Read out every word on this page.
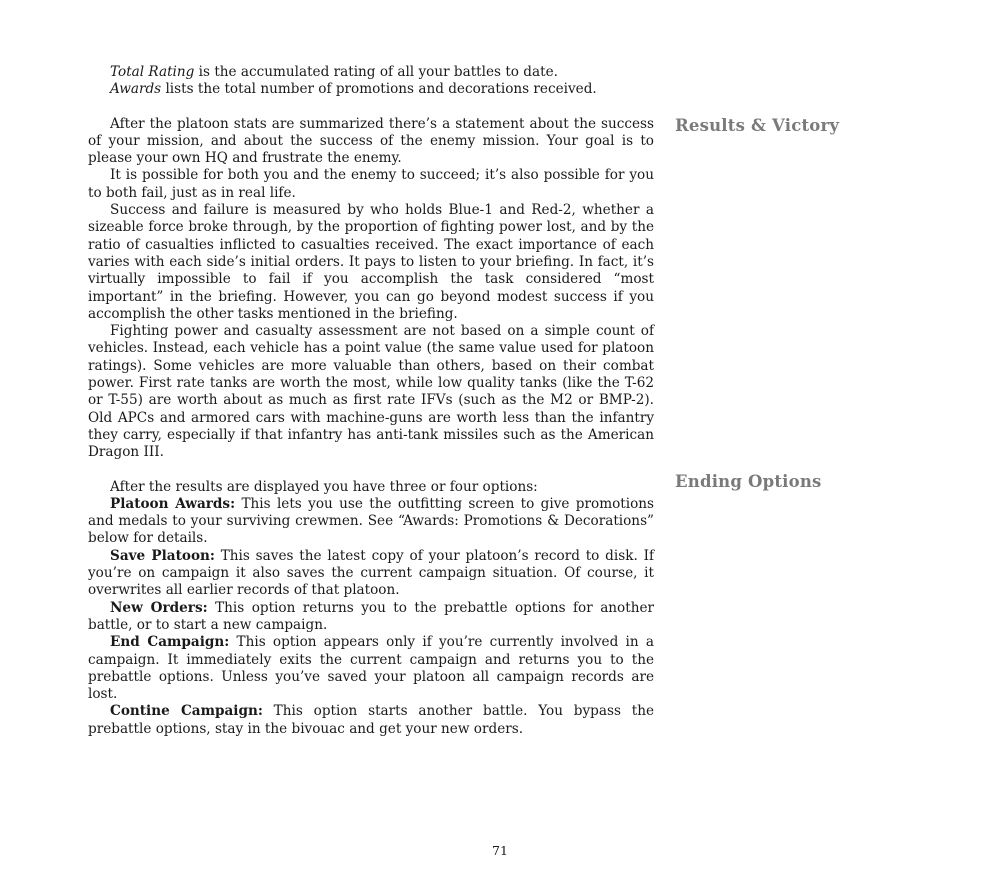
Total Rating is the accumulated rating of all your battles to date.

Awards lists the total number of promotions and decorations received.

After the platoon stats are summarized there’s a statement about the success of your mission, and about the success of the enemy mission. Your goal is to please your own HQ and frustrate the enemy.

It is possible for both you and the enemy to succeed; it’s also possible for you to both fail, just as in real life.

Success and failure is measured by who holds Blue-1 and Red-2, whether a sizeable force broke through, by the proportion of fighting power lost, and by the ratio of casualties inflicted to casualties received. The exact importance of each varies with each side’s initial orders. It pays to listen to your briefing. In fact, it’s virtually impossible to fail if you accomplish the task considered “most important” in the briefing. However, you can go beyond modest success if you accomplish the other tasks mentioned in the briefing.

Fighting power and casualty assessment are not based on a simple count of vehicles. Instead, each vehicle has a point value (the same value used for platoon ratings). Some vehicles are more valuable than others, based on their combat power. First rate tanks are worth the most, while low quality tanks (like the T-62 or T-55) are worth about as much as first rate IFVs (such as the M2 or BMP-2). Old APCs and armored cars with machine-guns are worth less than the infantry they carry, especially if that infantry has anti-tank missiles such as the American Dragon III.

After the results are displayed you have three or four options:

Platoon Awards: This lets you use the outfitting screen to give promotions and medals to your surviving crewmen. See “Awards: Promotions & Decorations” below for details.

Save Platoon: This saves the latest copy of your platoon’s record to disk. If you’re on campaign it also saves the current campaign situation. Of course, it overwrites all earlier records of that platoon.

New Orders: This option returns you to the prebattle options for another battle, or to start a new campaign.

End Campaign: This option appears only if you’re currently involved in a campaign. It immediately exits the current campaign and returns you to the prebattle options. Unless you’ve saved your platoon all campaign records are lost.

Contine Campaign: This option starts another battle. You bypass the prebattle options, stay in the bivouac and get your new orders.

Results & Victory
Ending Options
71
